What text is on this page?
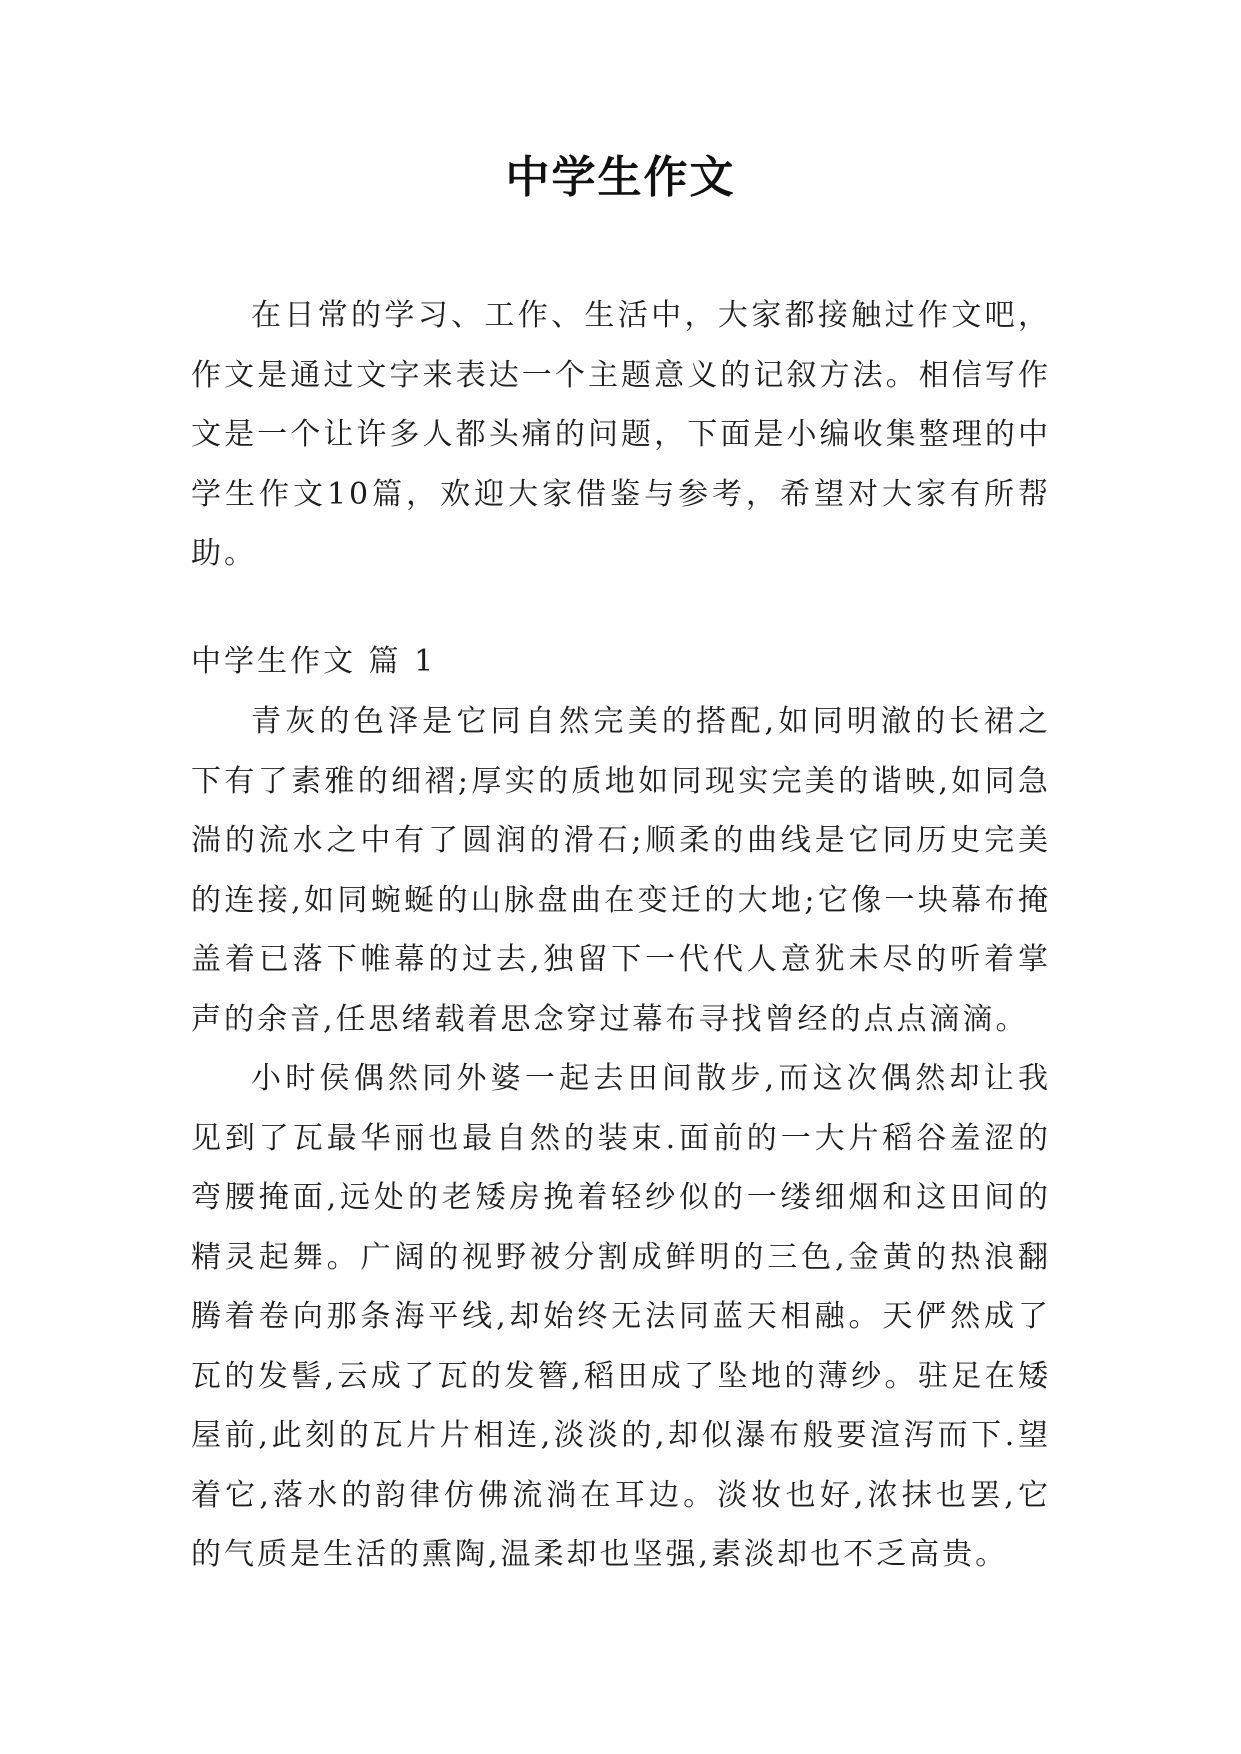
中学生作文

在日常的学习、工作、生活中，大家都接触过作文吧，作文是通过文字来表达一个主题意义的记叙方法。相信写作文是一个让许多人都头痛的问题，下面是小编收集整理的中学生作文10篇，欢迎大家借鉴与参考，希望对大家有所帮助。

中学生作文 篇 1

青灰的色泽是它同自然完美的搭配,如同明澈的长裙之下有了素雅的细褶;厚实的质地如同现实完美的谐映,如同急湍的流水之中有了圆润的滑石;顺柔的曲线是它同历史完美的连接,如同蜿蜒的山脉盘曲在变迁的大地;它像一块幕布掩盖着已落下帷幕的过去,独留下一代代人意犹未尽的听着掌声的余音,任思绪载着思念穿过幕布寻找曾经的点点滴滴。

小时侯偶然同外婆一起去田间散步,而这次偶然却让我见到了瓦最华丽也最自然的装束.面前的一大片稻谷羞涩的弯腰掩面,远处的老矮房挽着轻纱似的一缕细烟和这田间的精灵起舞。广阔的视野被分割成鲜明的三色,金黄的热浪翻腾着卷向那条海平线,却始终无法同蓝天相融。天俨然成了瓦的发髻,云成了瓦的发簪,稻田成了坠地的薄纱。驻足在矮屋前,此刻的瓦片片相连,淡淡的,却似瀑布般要渲泻而下.望着它,落水的韵律仿佛流淌在耳边。淡妆也好,浓抹也罢,它的气质是生活的熏陶,温柔却也坚强,素淡却也不乏高贵。
